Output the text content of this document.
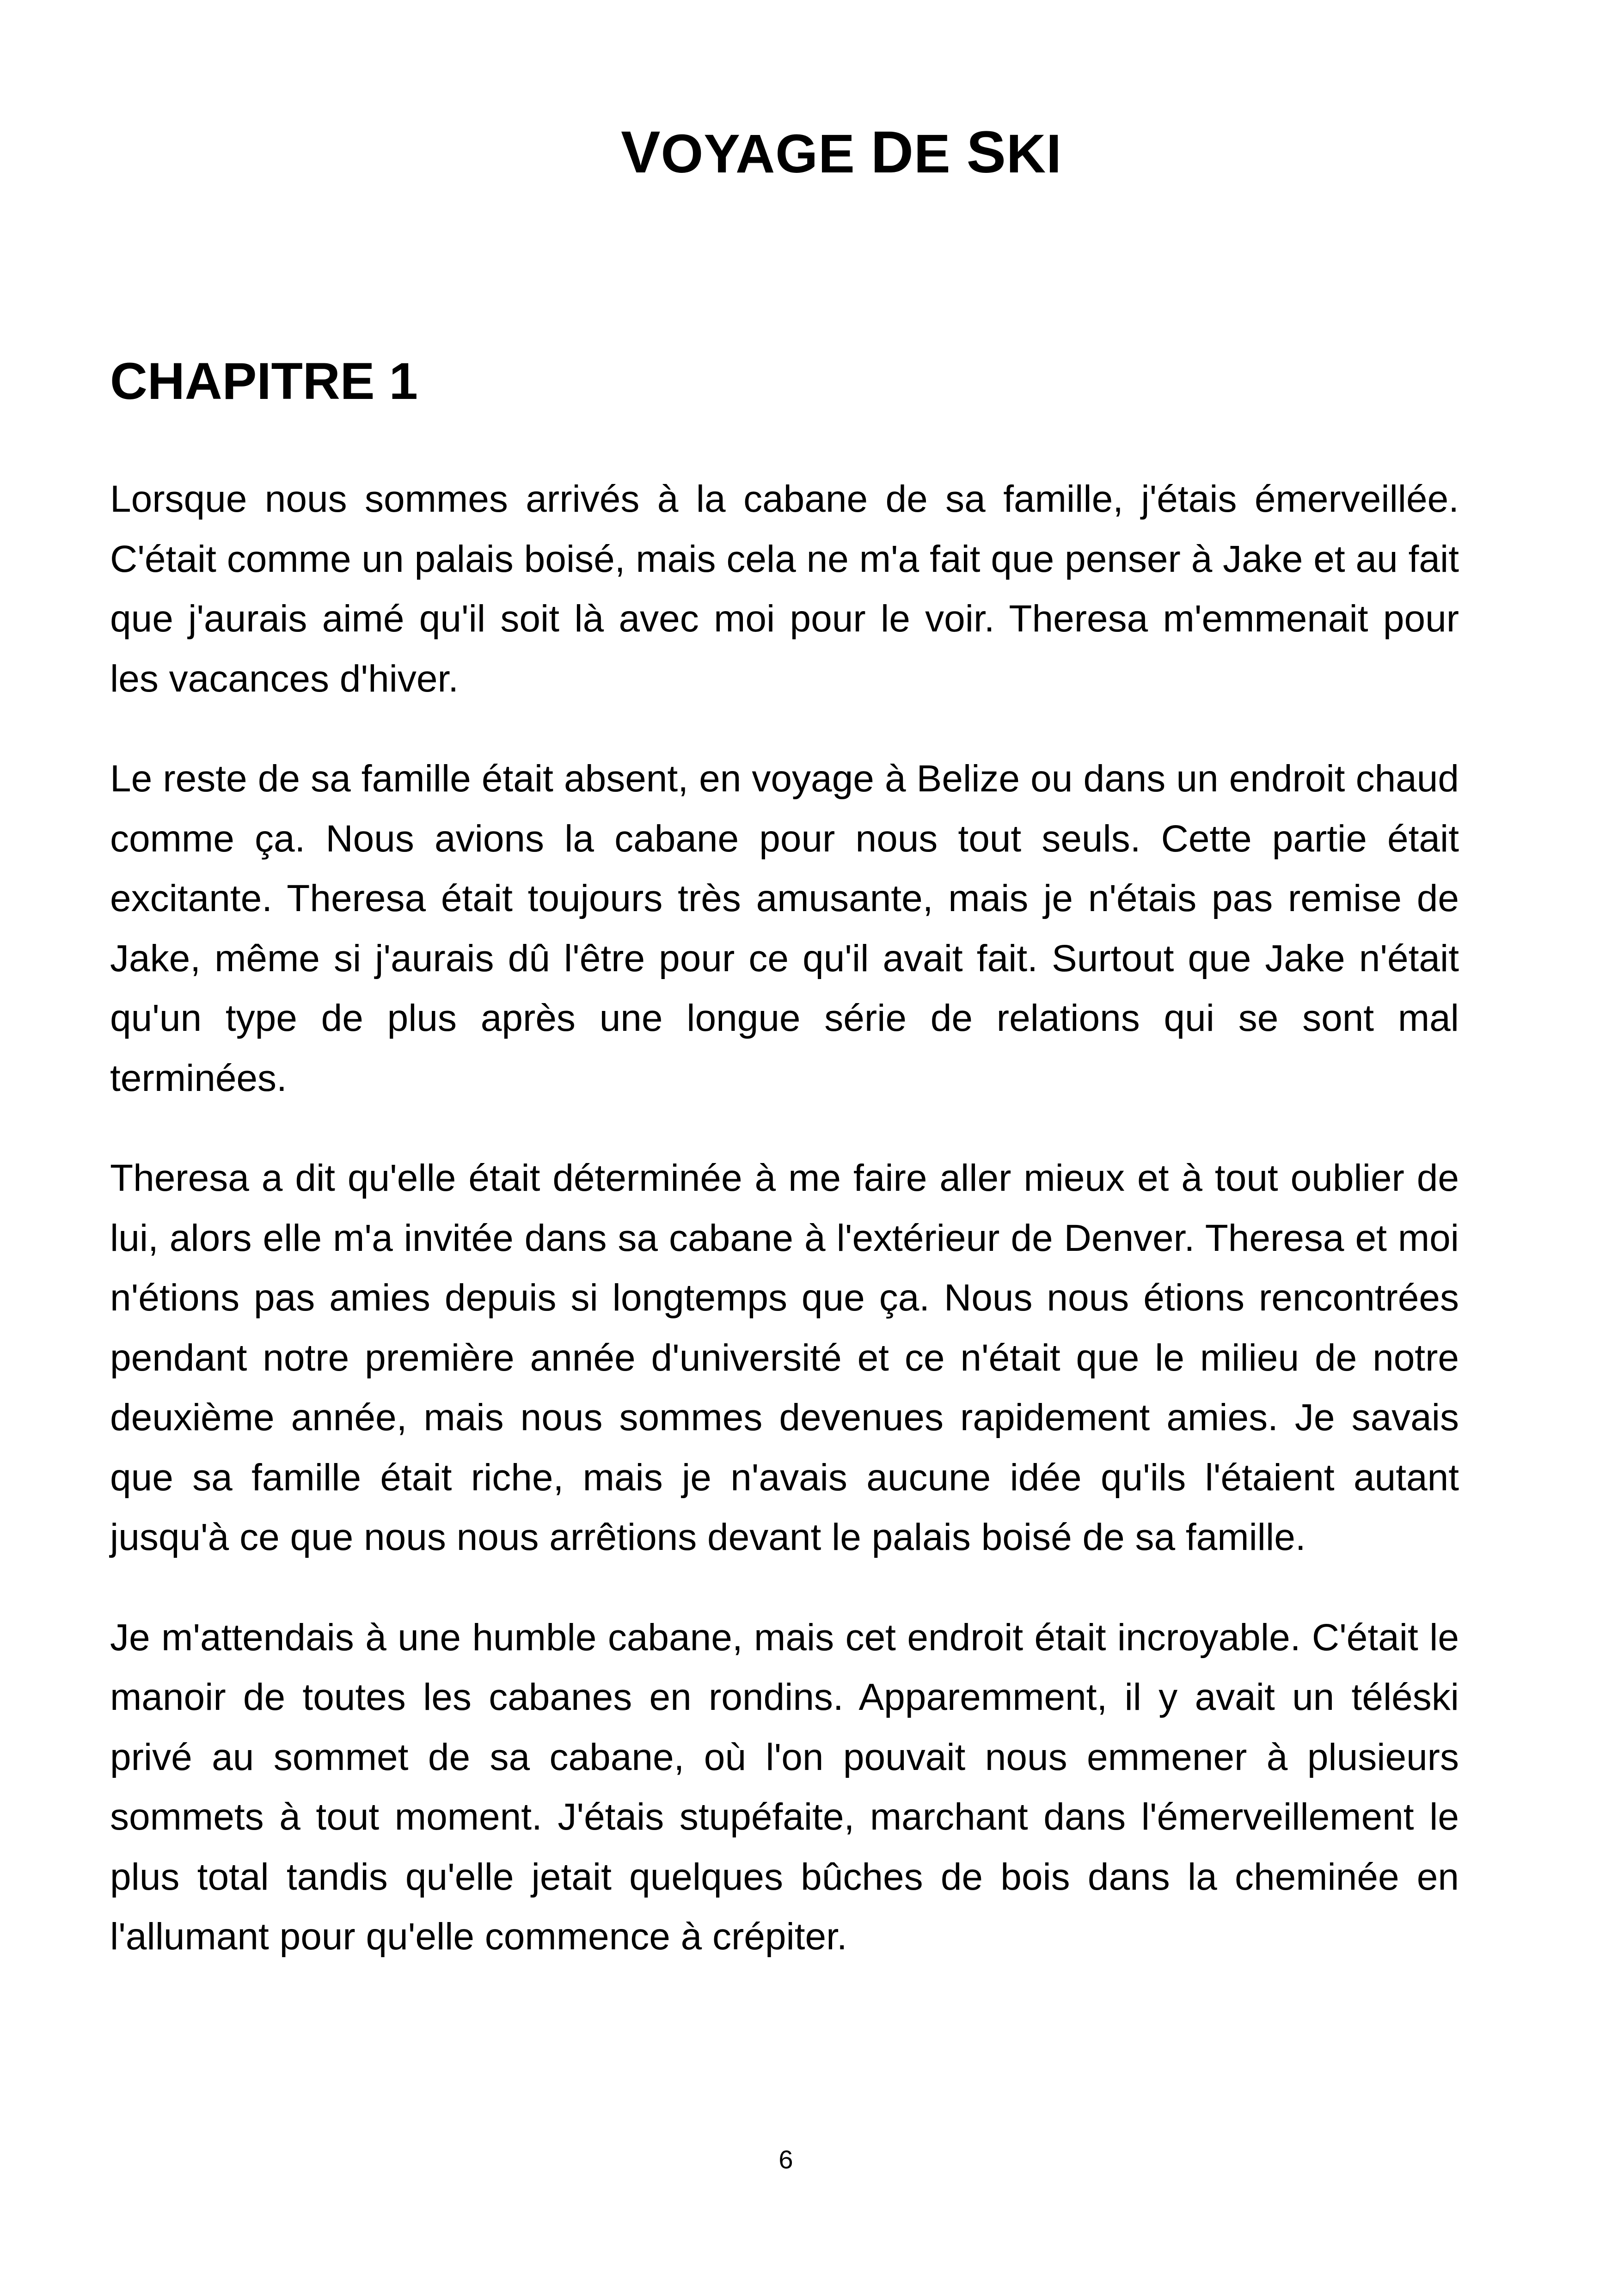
VOYAGE DE SKI
CHAPITRE 1

Lorsque nous sommes arrivés à la cabane de sa famille, j'étais émerveillée. C'était comme un palais boisé, mais cela ne m'a fait que penser à Jake et au fait que j'aurais aimé qu'il soit là avec moi pour le voir. Theresa m'emmenait pour les vacances d'hiver.

Le reste de sa famille était absent, en voyage à Belize ou dans un endroit chaud comme ça. Nous avions la cabane pour nous tout seuls. Cette partie était excitante. Theresa était toujours très amusante, mais je n'étais pas remise de Jake, même si j'aurais dû l'être pour ce qu'il avait fait. Surtout que Jake n'était qu'un type de plus après une longue série de relations qui se sont mal terminées.

Theresa a dit qu'elle était déterminée à me faire aller mieux et à tout oublier de lui, alors elle m'a invitée dans sa cabane à l'extérieur de Denver. Theresa et moi n'étions pas amies depuis si longtemps que ça. Nous nous étions rencontrées pendant notre première année d'université et ce n'était que le milieu de notre deuxième année, mais nous sommes devenues rapidement amies. Je savais que sa famille était riche, mais je n'avais aucune idée qu'ils l'étaient autant jusqu'à ce que nous nous arrêtions devant le palais boisé de sa famille.

Je m'attendais à une humble cabane, mais cet endroit était incroyable. C'était le manoir de toutes les cabanes en rondins. Apparemment, il y avait un téléski privé au sommet de sa cabane, où l'on pouvait nous emmener à plusieurs sommets à tout moment. J'étais stupéfaite, marchant dans l'émerveillement le plus total tandis qu'elle jetait quelques bûches de bois dans la cheminée en l'allumant pour qu'elle commence à crépiter.

6
